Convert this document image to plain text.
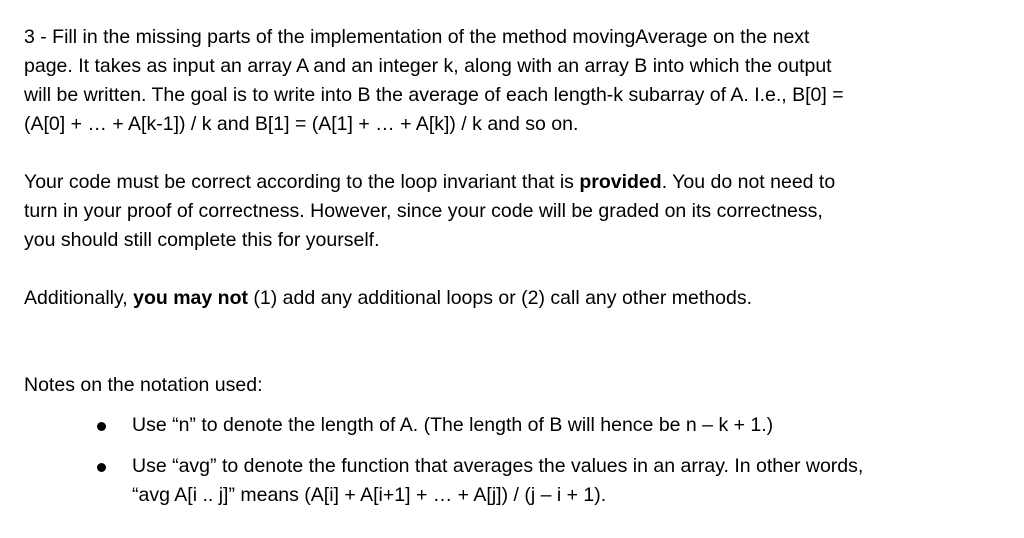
3 - Fill in the missing parts of the implementation of the method movingAverage on the next
page. It takes as input an array A and an integer k, along with an array B into which the output
will be written. The goal is to write into B the average of each length-k subarray of A. I.e., B[0] =
(A[0] + … + A[k-1]) / k and B[1] = (A[1] + … + A[k]) / k and so on.
Your code must be correct according to the loop invariant that is provided. You do not need to
turn in your proof of correctness. However, since your code will be graded on its correctness,
you should still complete this for yourself.
Additionally, you may not (1) add any additional loops or (2) call any other methods.
Notes on the notation used:
Use “n” to denote the length of A. (The length of B will hence be n – k + 1.)
Use “avg” to denote the function that averages the values in an array. In other words,
“avg A[i .. j]” means (A[i] + A[i+1] + … + A[j]) / (j – i + 1).
